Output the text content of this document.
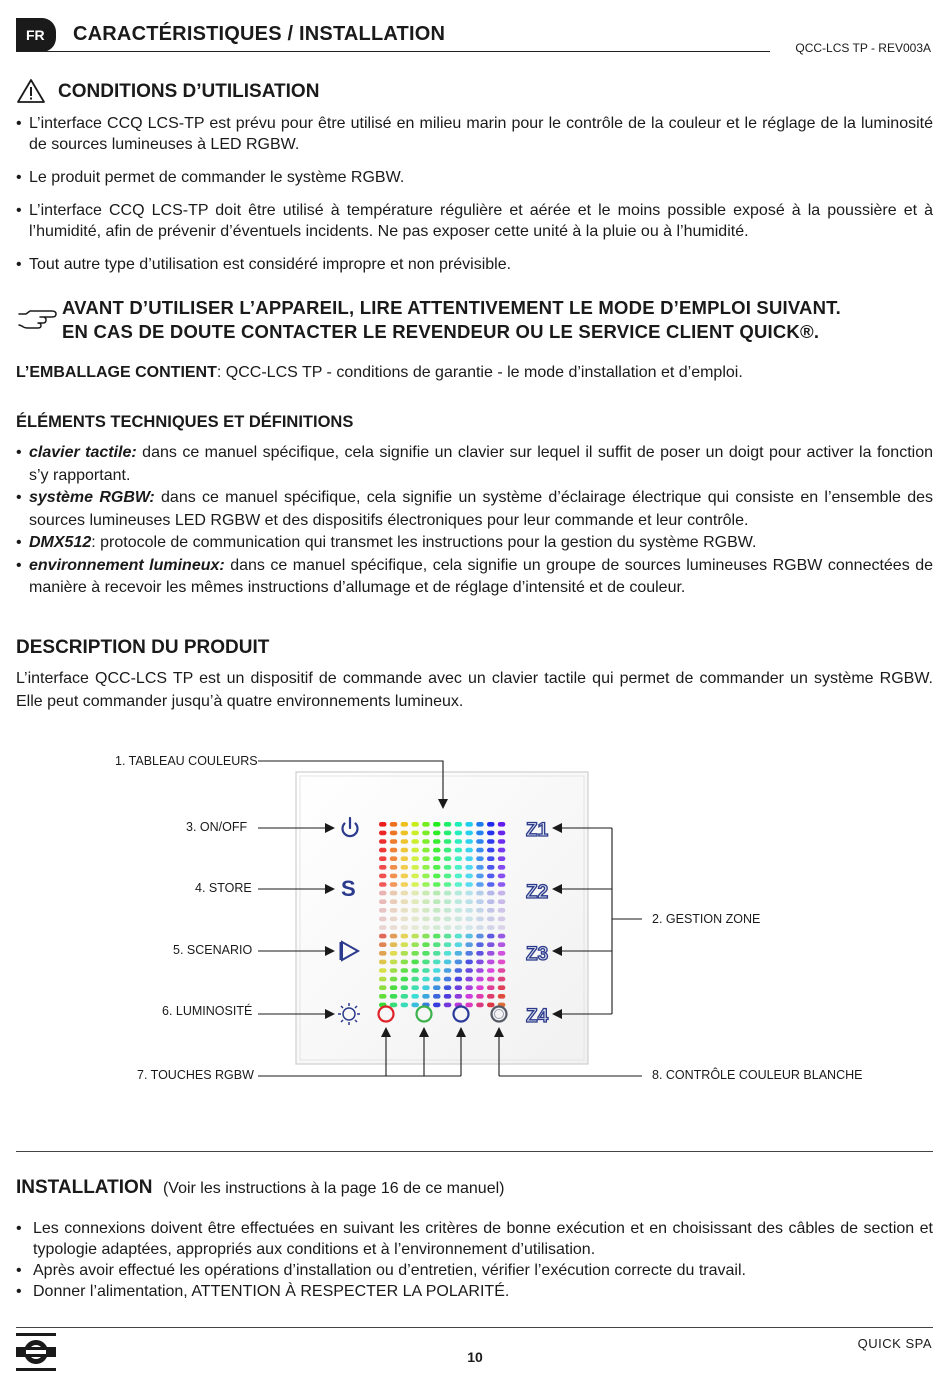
FR	CARACTÉRISTIQUES / INSTALLATION
QCC-LCS TP - REV003A
CONDITIONS D’UTILISATION
• L’interface CCQ LCS-TP est prévu pour être utilisé en milieu marin pour le contrôle de la couleur et le réglage de la luminosité de sources lumineuses à LED RGBW.
• Le produit permet de commander le système RGBW.
• L’interface CCQ LCS-TP doit être utilisé à température régulière et aérée et le moins possible exposé à la poussière et à l’humidité, afin de prévenir d’éventuels incidents. Ne pas exposer cette unité à la pluie ou à l’humidité.
• Tout autre type d’utilisation est considéré impropre et non prévisible.
AVANT D’UTILISER L’APPAREIL, LIRE ATTENTIVEMENT LE MODE D’EMPLOI SUIVANT.
EN CAS DE DOUTE CONTACTER LE REVENDEUR OU LE SERVICE CLIENT QUICK®.
L’EMBALLAGE CONTIENT: QCC-LCS TP - conditions de garantie - le mode d’installation et d’emploi.
ÉLÉMENTS TECHNIQUES ET DÉFINITIONS
• clavier tactile: dans ce manuel spécifique, cela signifie un clavier sur lequel il suffit de poser un doigt pour activer la fonction s’y rapportant.
• système RGBW: dans ce manuel spécifique, cela signifie un système d’éclairage électrique qui consiste en l’ensemble des sources lumineuses LED RGBW et des dispositifs électroniques pour leur commande et leur contrôle.
• DMX512: protocole de communication qui transmet les instructions pour la gestion du système RGBW.
• environnement lumineux: dans ce manuel spécifique, cela signifie un groupe de sources lumineuses RGBW connectées de manière à recevoir les mêmes instructions d’allumage et de réglage d’intensité et de couleur.
DESCRIPTION DU PRODUIT

L’interface QCC-LCS TP est un dispositif de commande avec un clavier tactile qui permet de commander un système RGBW. Elle peut commander jusqu’à quatre environnements lumineux.

S
Z1
Z2
Z3
Z4
1. TABLEAU COULEURS
3. ON/OFF
4. STORE
5. SCENARIO
6. LUMINOSITÉ
7. TOUCHES RGBW
2. GESTION ZONE
8. CONTRÔLE COULEUR BLANCHE
INSTALLATION (Voir les instructions à la page 16 de ce manuel)
• Les connexions doivent être effectuées en suivant les critères de bonne exécution et en choisissant des câbles de section et typologie adaptées, appropriés aux conditions et à l’environnement d’utilisation.
• Après avoir effectué les opérations d’installation ou d’entretien, vérifier l’exécution correcte du travail.
• Donner l’alimentation, ATTENTION À RESPECTER LA POLARITÉ.
QUICK SPA
10
